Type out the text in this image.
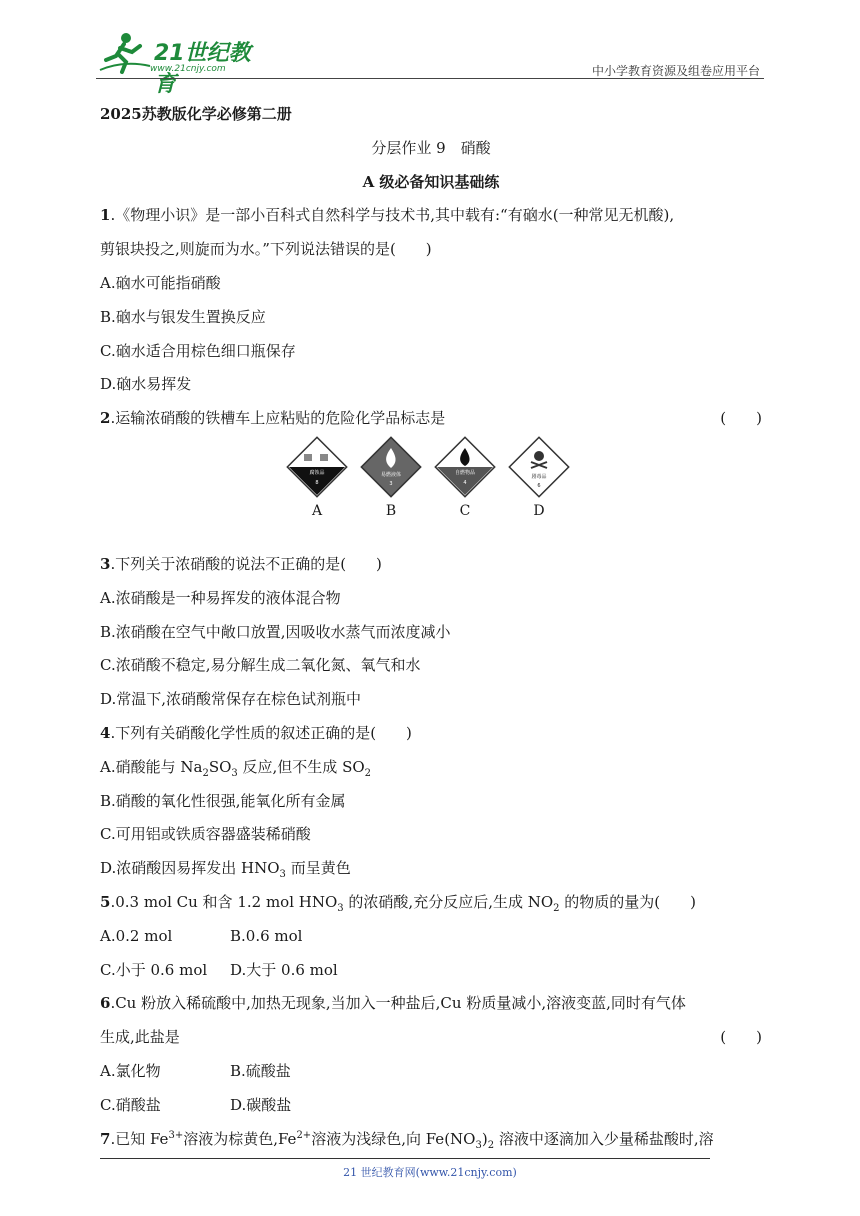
21世纪教育
www.21cnjy.com	中小学教育资源及组卷应用平台
2025苏教版化学必修第二册
分层作业 9　硝酸
A 级必备知识基础练
1.《物理小识》是一部小百科式自然科学与技术书,其中载有:“有硇水(一种常见无机酸),
剪银块投之,则旋而为水。”下列说法错误的是(　　)
A.硇水可能指硝酸
B.硇水与银发生置换反应
C.硇水适合用棕色细口瓶保存
D.硇水易挥发
2.运输浓硝酸的铁槽车上应粘贴的危险化学品标志是	(　　)
腐蚀品
8
A
易燃液体
3
B
自燃物品
4
C
剧毒品
6
D
3.下列关于浓硝酸的说法不正确的是(　　)
A.浓硝酸是一种易挥发的液体混合物
B.浓硝酸在空气中敞口放置,因吸收水蒸气而浓度减小
C.浓硝酸不稳定,易分解生成二氧化氮、氧气和水
D.常温下,浓硝酸常保存在棕色试剂瓶中
4.下列有关硝酸化学性质的叙述正确的是(　　)
A.硝酸能与 $Na_2SO_3$ 反应,但不生成 $SO_2$
B.硝酸的氧化性很强,能氧化所有金属
C.可用铝或铁质容器盛装稀硝酸
D.浓硝酸因易挥发出 $HNO_3$ 而呈黄色
5.0.3 mol Cu 和含 1.2 mol $HNO_3$ 的浓硝酸,充分反应后,生成 $NO_2$ 的物质的量为(　　)
A.0.2 mol	B.0.6 mol
C.小于 0.6 mol D.大于 0.6 mol
6.Cu 粉放入稀硫酸中,加热无现象,当加入一种盐后,Cu 粉质量减小,溶液变蓝,同时有气体
生成,此盐是	(　　)
A.氯化物	B.硫酸盐
C.硝酸盐	D.碳酸盐
7.已知 $Fe^{3+}$溶液为棕黄色$,Fe^{2+}$溶液为浅绿色,向 $Fe(NO_3)_2$ 溶液中逐滴加入少量稀盐酸时,溶
21 世纪教育网(www.21cnjy.com)
